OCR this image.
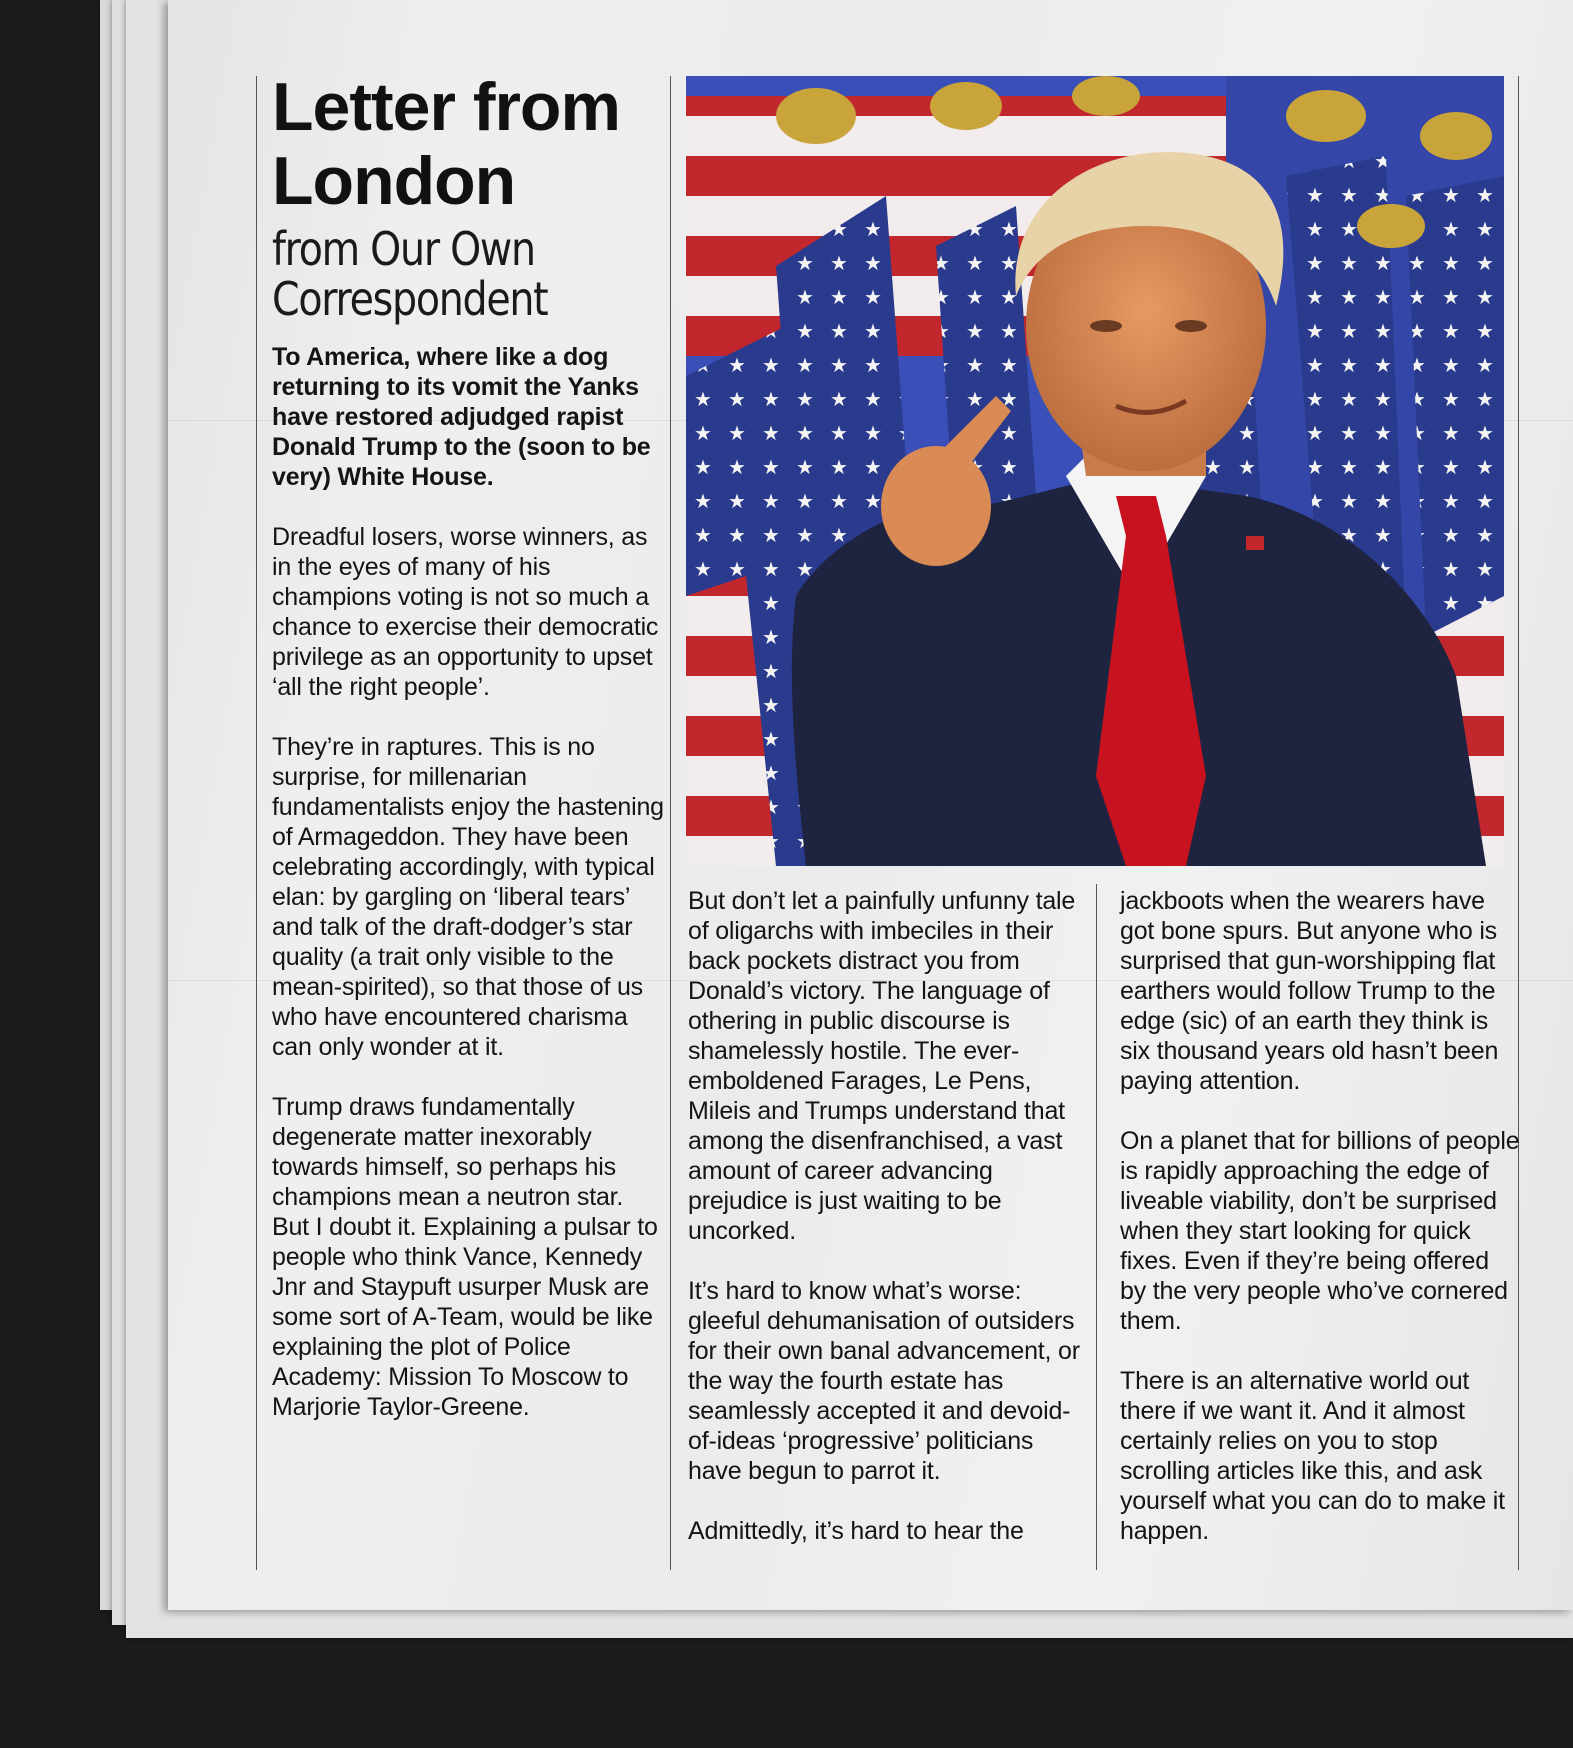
Letter from
London
from Our Own
Correspondent

To America, where like a dog returning to its vomit the Yanks have restored adjudged rapist Donald Trump to the (soon to be very) White House.

Dreadful losers, worse winners, as in the eyes of many of his champions voting is not so much a chance to exercise their democratic privilege as an opportunity to upset ‘all the right people’.

They’re in raptures. This is no surprise, for millenarian fundamentalists enjoy the hastening of Armageddon. They have been celebrating accordingly, with typical elan: by gargling on ‘liberal tears’ and talk of the draft-dodger’s star quality (a trait only visible to the mean-spirited), so that those of us who have encountered charisma can only wonder at it.

Trump draws fundamentally degenerate matter inexorably towards himself, so perhaps his champions mean a neutron star. But I doubt it. Explaining a pulsar to people who think Vance, Kennedy Jnr and Staypuft usurper Musk are some sort of A-Team, would be like explaining the plot of Police Academy: Mission To Moscow to Marjorie Taylor-Greene.

But don’t let a painfully unfunny tale of oligarchs with imbeciles in their back pockets distract you from Donald’s victory. The language of othering in public discourse is shamelessly hostile. The ever-emboldened Farages, Le Pens, Mileis and Trumps understand that among the disenfranchised, a vast amount of career advancing prejudice is just waiting to be uncorked.

It’s hard to know what’s worse: gleeful dehumanisation of outsiders for their own banal advancement, or the way the fourth estate has seamlessly accepted it and devoid-of-ideas ‘progressive’ politicians have begun to parrot it.

Admittedly, it’s hard to hear the

jackboots when the wearers have got bone spurs. But anyone who is surprised that gun-worshipping flat earthers would follow Trump to the edge (sic) of an earth they think is six thousand years old hasn’t been paying attention.

On a planet that for billions of people is rapidly approaching the edge of liveable viability, don’t be surprised when they start looking for quick fixes. Even if they’re being offered by the very people who’ve cornered them.

There is an alternative world out there if we want it. And it almost certainly relies on you to stop scrolling articles like this, and ask yourself what you can do to make it happen.
